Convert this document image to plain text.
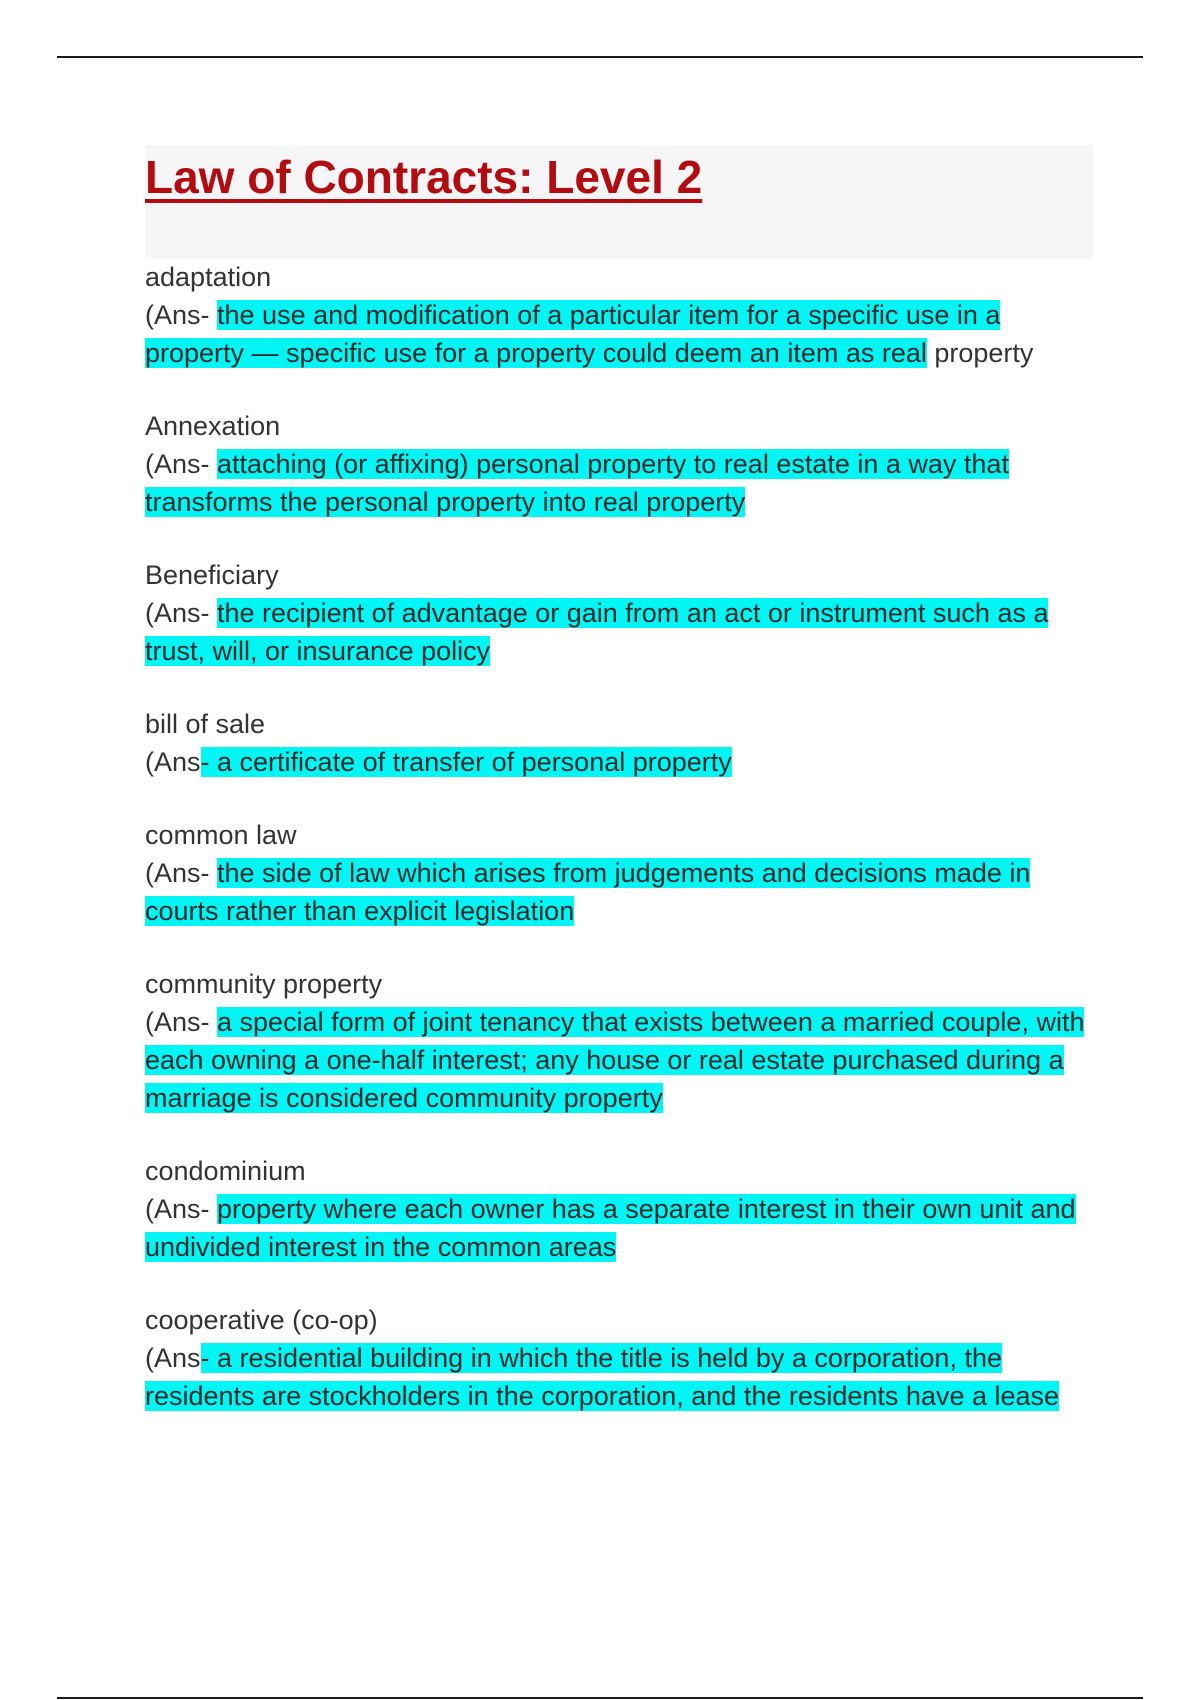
Law of Contracts: Level 2
adaptation
(Ans- the use and modification of a particular item for a specific use in a property — specific use for a property could deem an item as real property
Annexation
(Ans- attaching (or affixing) personal property to real estate in a way that transforms the personal property into real property
Beneficiary
(Ans- the recipient of advantage or gain from an act or instrument such as a trust, will, or insurance policy
bill of sale
(Ans- a certificate of transfer of personal property
common law
(Ans- the side of law which arises from judgements and decisions made in courts rather than explicit legislation
community property
(Ans- a special form of joint tenancy that exists between a married couple, with each owning a one-half interest; any house or real estate purchased during a marriage is considered community property
condominium
(Ans- property where each owner has a separate interest in their own unit and undivided interest in the common areas
cooperative (co-op)
(Ans- a residential building in which the title is held by a corporation, the residents are stockholders in the corporation, and the residents have a lease
